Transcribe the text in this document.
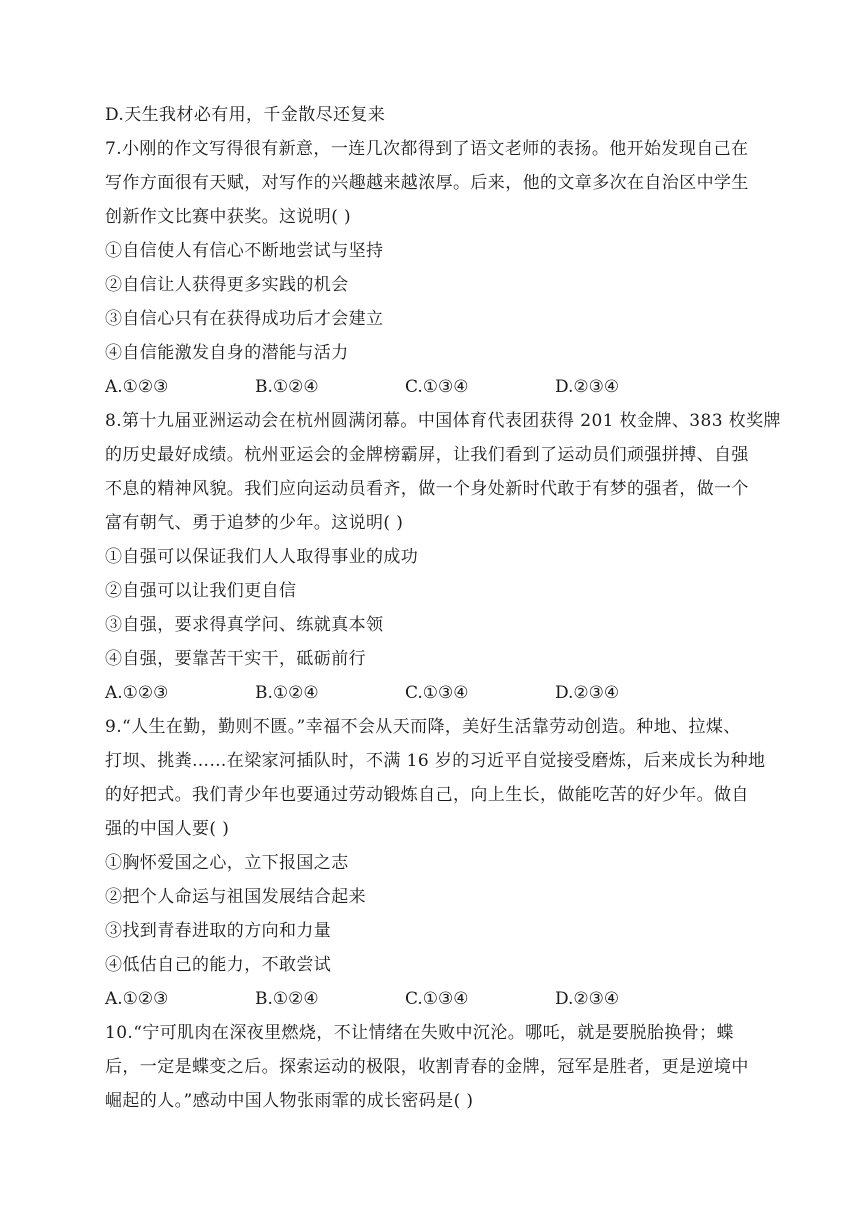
D.天生我材必有用，千金散尽还复来
7.小刚的作文写得很有新意，一连几次都得到了语文老师的表扬。他开始发现自己在
写作方面很有天赋，对写作的兴趣越来越浓厚。后来，他的文章多次在自治区中学生
创新作文比赛中获奖。这说明( )
①自信使人有信心不断地尝试与坚持
②自信让人获得更多实践的机会
③自信心只有在获得成功后才会建立
④自信能激发自身的潜能与活力
A.①②③	B.①②④	C.①③④	D.②③④
8.第十九届亚洲运动会在杭州圆满闭幕。中国体育代表团获得 201 枚金牌、383 枚奖牌
的历史最好成绩。杭州亚运会的金牌榜霸屏，让我们看到了运动员们顽强拼搏、自强
不息的精神风貌。我们应向运动员看齐，做一个身处新时代敢于有梦的强者，做一个
富有朝气、勇于追梦的少年。这说明( )
①自强可以保证我们人人取得事业的成功
②自强可以让我们更自信
③自强，要求得真学问、练就真本领
④自强，要靠苦干实干，砥砺前行
A.①②③	B.①②④	C.①③④	D.②③④
9.“人生在勤，勤则不匮。”幸福不会从天而降，美好生活靠劳动创造。种地、拉煤、
打坝、挑粪……在梁家河插队时，不满 16 岁的习近平自觉接受磨炼，后来成长为种地
的好把式。我们青少年也要通过劳动锻炼自己，向上生长，做能吃苦的好少年。做自
强的中国人要( )
①胸怀爱国之心，立下报国之志
②把个人命运与祖国发展结合起来
③找到青春进取的方向和力量
④低估自己的能力，不敢尝试
A.①②③	B.①②④	C.①③④	D.②③④
10.“宁可肌肉在深夜里燃烧，不让情绪在失败中沉沦。哪吒，就是要脱胎换骨；蝶
后，一定是蝶变之后。探索运动的极限，收割青春的金牌，冠军是胜者，更是逆境中
崛起的人。”感动中国人物张雨霏的成长密码是( )
